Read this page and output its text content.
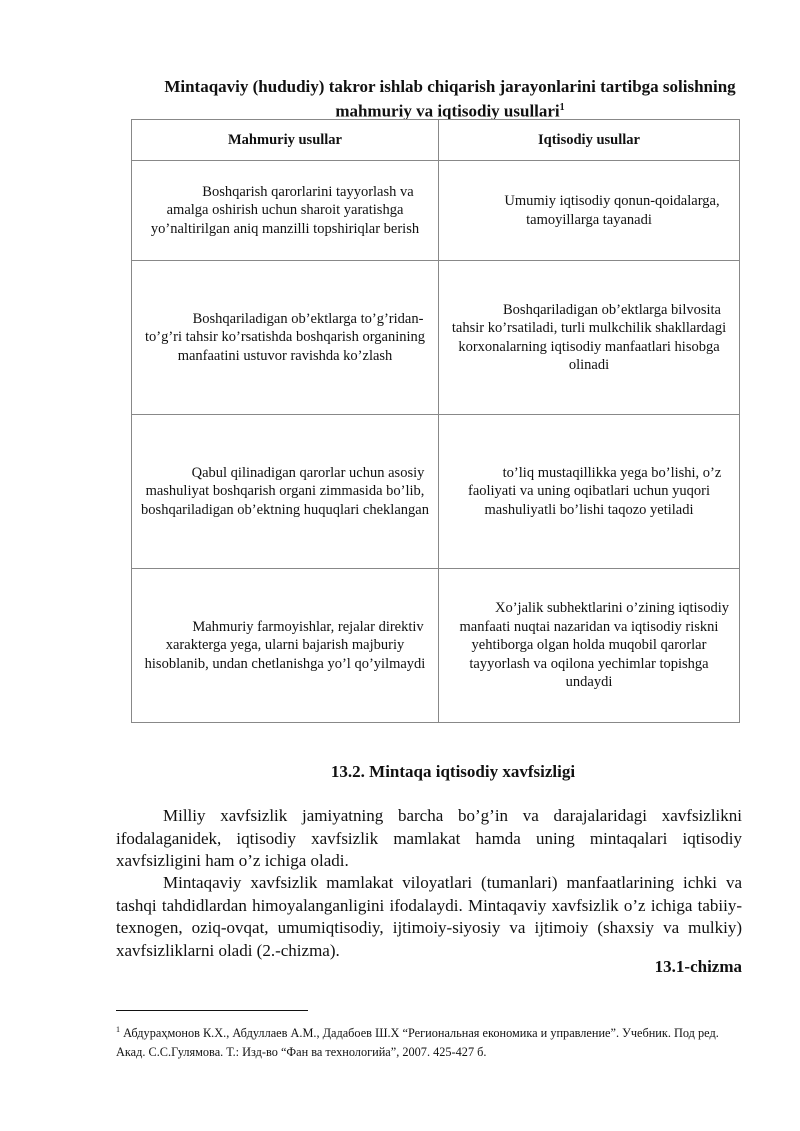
Mintaqaviy (hududiy) takror ishlab chiqarish jarayonlarini tartibga solishning mahmuriy va iqtisodiy usullari$^1$
Mahmuriy usullar	Iqtisodiy usullar

Boshqarish qarorlarini tayyorlash va amalga oshirish uchun sharoit yaratishga yo’naltirilgan aniq manzilli topshiriqlar berish	Umumiy iqtisodiy qonun-qoidalarga, tamoyillarga tayanadi

Boshqariladigan ob’ektlarga to’g’ridan-to’g’ri tahsir ko’rsatishda boshqarish organining manfaatini ustuvor ravishda ko’zlash	Boshqariladigan ob’ektlarga bilvosita tahsir ko’rsatiladi, turli mulkchilik shakllardagi korxonalarning iqtisodiy manfaatlari hisobga olinadi

Qabul qilinadigan qarorlar uchun asosiy mashuliyat boshqarish organi zimmasida bo’lib, boshqariladigan ob’ektning huquqlari cheklangan	to’liq mustaqillikka yega bo’lishi, o’z faoliyati va uning oqibatlari uchun yuqori mashuliyatli bo’lishi taqozo yetiladi

Mahmuriy farmoyishlar, rejalar direktiv xarakterga yega, ularni bajarish majburiy hisoblanib, undan chetlanishga yo’l qo’yilmaydi	Xo’jalik subhektlarini o’zining iqtisodiy manfaati nuqtai nazaridan va iqtisodiy riskni yehtiborga olgan holda muqobil qarorlar tayyorlash va oqilona yechimlar topishga undaydi
13.2. Mintaqa iqtisodiy xavfsizligi

Milliy xavfsizlik jamiyatning barcha bo’g’in va darajalaridagi xavfsizlikni ifodalaganidek, iqtisodiy xavfsizlik mamlakat hamda uning mintaqalari iqtisodiy xavfsizligini ham o’z ichiga oladi.

Mintaqaviy xavfsizlik mamlakat viloyatlari (tumanlari) manfaatlarining ichki va tashqi tahdidlardan himoyalanganligini ifodalaydi. Mintaqaviy xavfsizlik o’z ichiga tabiiy-texnogen, oziq-ovqat, umumiqtisodiy, ijtimoiy-siyosiy va ijtimoiy (shaxsiy va mulkiy) xavfsizliklarni oladi (2.-chizma).

13.1-chizma

$^1$ Абдураҳмонов К.Х., Абдуллаев А.М., Дадабоев Ш.Х “Региональная економика и управление”. Учебник. Под ред. Акад. С.С.Гулямова. Т.: Изд-во “Фан ва технологийа”, 2007. 425-427 б.
